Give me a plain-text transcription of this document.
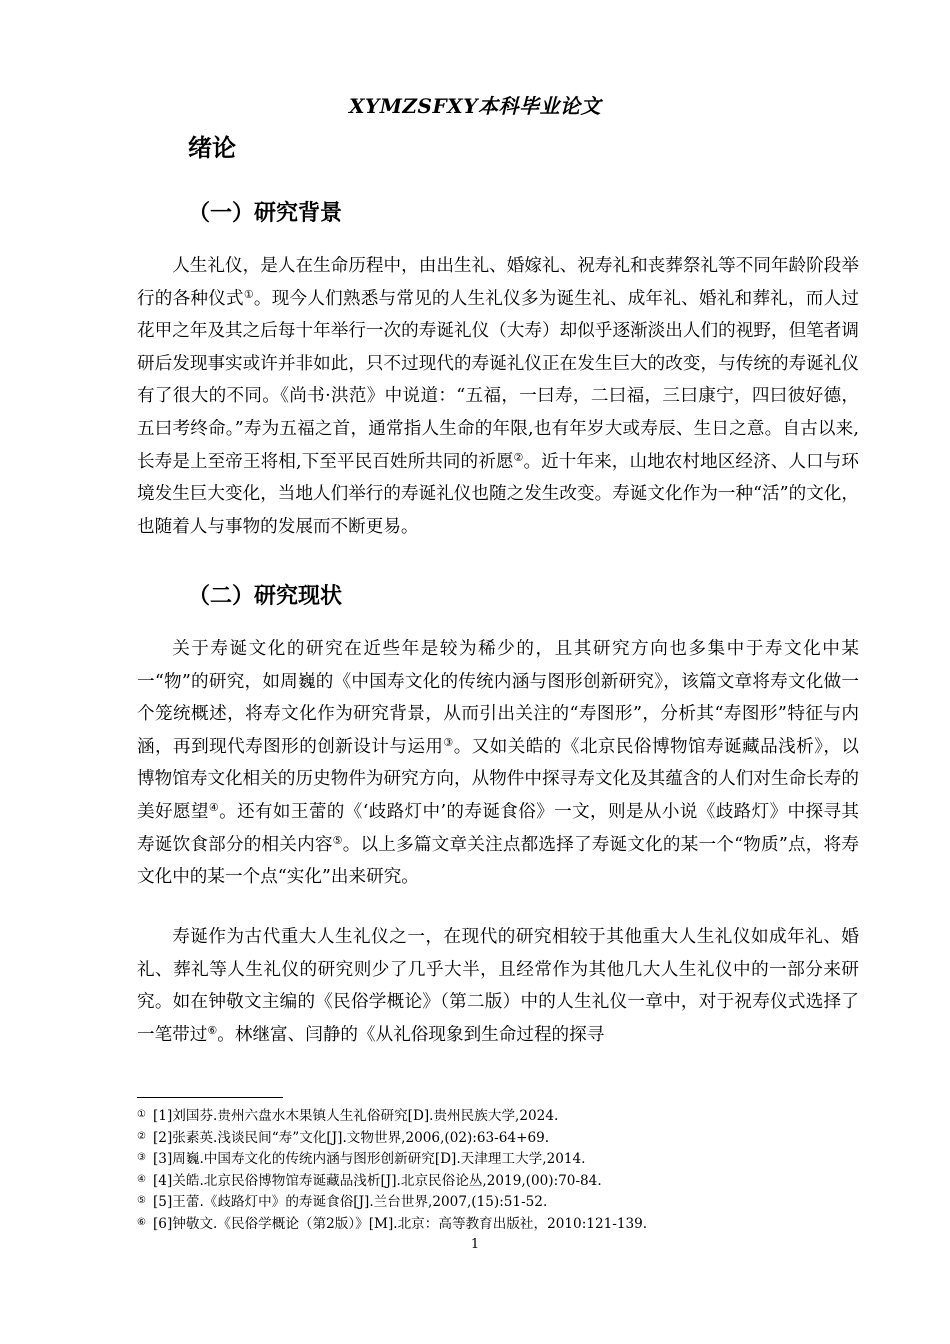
XYMZSFXY本科毕业论文
绪论
（一）研究背景
人生礼仪，是人在生命历程中，由出生礼、婚嫁礼、祝寿礼和丧葬祭礼等不同年龄阶段举行的各种仪式①。现今人们熟悉与常见的人生礼仪多为诞生礼、成年礼、婚礼和葬礼，而人过花甲之年及其之后每十年举行一次的寿诞礼仪（大寿）却似乎逐渐淡出人们的视野，但笔者调研后发现事实或许并非如此，只不过现代的寿诞礼仪正在发生巨大的改变，与传统的寿诞礼仪有了很大的不同。《尚书·洪范》中说道：“五福，一曰寿，二曰福，三曰康宁，四曰彼好德，五曰考终命。”寿为五福之首，通常指人生命的年限,也有年岁大或寿辰、生日之意。自古以来,长寿是上至帝王将相,下至平民百姓所共同的祈愿②。近十年来，山地农村地区经济、人口与环境发生巨大变化，当地人们举行的寿诞礼仪也随之发生改变。寿诞文化作为一种“活”的文化，也随着人与事物的发展而不断更易。
（二）研究现状
关于寿诞文化的研究在近些年是较为稀少的，且其研究方向也多集中于寿文化中某一“物”的研究，如周巍的《中国寿文化的传统内涵与图形创新研究》，该篇文章将寿文化做一个笼统概述，将寿文化作为研究背景，从而引出关注的“寿图形”，分析其“寿图形”特征与内涵，再到现代寿图形的创新设计与运用③。又如关皓的《北京民俗博物馆寿诞藏品浅析》，以博物馆寿文化相关的历史物件为研究方向，从物件中探寻寿文化及其蕴含的人们对生命长寿的美好愿望④。还有如王蕾的《‘歧路灯中’的寿诞食俗》一文，则是从小说《歧路灯》中探寻其寿诞饮食部分的相关内容⑤。以上多篇文章关注点都选择了寿诞文化的某一个“物质”点，将寿文化中的某一个点“实化”出来研究。
寿诞作为古代重大人生礼仪之一，在现代的研究相较于其他重大人生礼仪如成年礼、婚礼、葬礼等人生礼仪的研究则少了几乎大半，且经常作为其他几大人生礼仪中的一部分来研究。如在钟敬文主编的《民俗学概论》（第二版）中的人生礼仪一章中，对于祝寿仪式选择了一笔带过⑥。林继富、闫静的《从礼俗现象到生命过程的探寻
① [1]刘国芬.贵州六盘水木果镇人生礼俗研究[D].贵州民族大学,2024.
② [2]张素英.浅谈民间“寿”文化[J].文物世界,2006,(02):63-64+69.
③ [3]周巍.中国寿文化的传统内涵与图形创新研究[D].天津理工大学,2014.
④ [4]关皓.北京民俗博物馆寿诞藏品浅析[J].北京民俗论丛,2019,(00):70-84.
⑤ [5]王蕾.《歧路灯中》的寿诞食俗[J].兰台世界,2007,(15):51-52.
⑥ [6]钟敬文.《民俗学概论（第2版）》[M].北京：高等教育出版社，2010:121-139.
1
